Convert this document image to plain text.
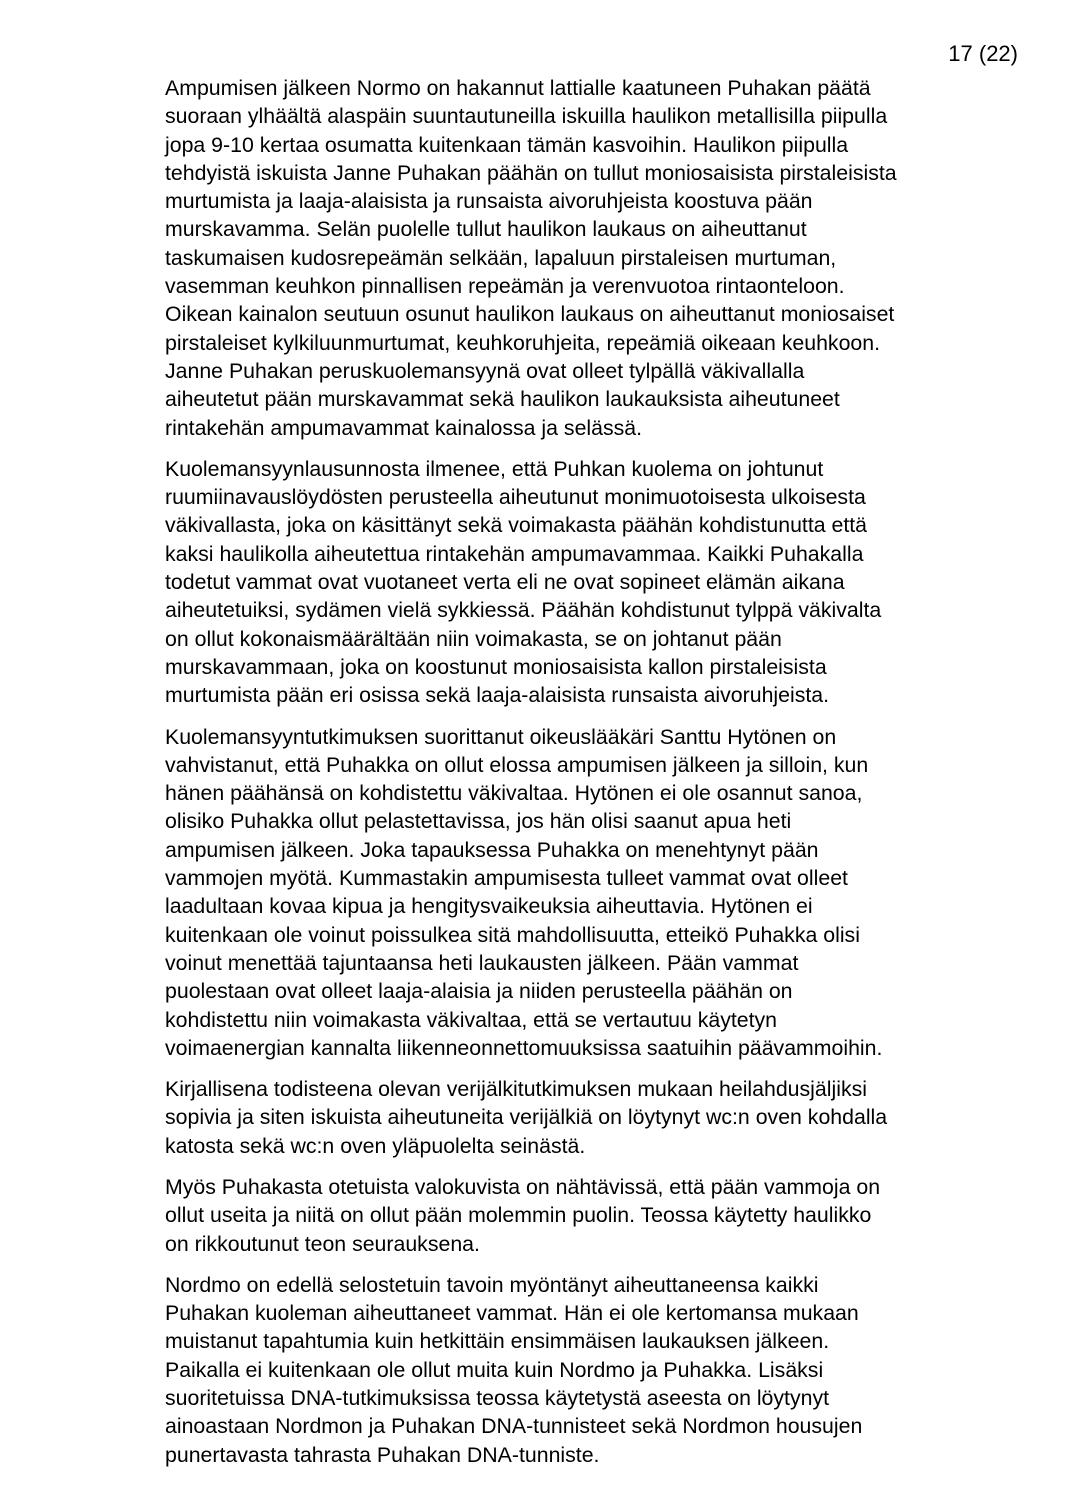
17 (22)

Ampumisen jälkeen Normo on hakannut lattialle kaatuneen Puhakan päätä
suoraan ylhäältä alaspäin suuntautuneilla iskuilla haulikon metallisilla piipulla
jopa 9-10 kertaa osumatta kuitenkaan tämän kasvoihin. Haulikon piipulla
tehdyistä iskuista Janne Puhakan päähän on tullut moniosaisista pirstaleisista
murtumista ja laaja-alaisista ja runsaista aivoruhjeista koostuva pään
murskavamma. Selän puolelle tullut haulikon laukaus on aiheuttanut
taskumaisen kudosrepeämän selkään, lapaluun pirstaleisen murtuman,
vasemman keuhkon pinnallisen repeämän ja verenvuotoa rintaonteloon.
Oikean kainalon seutuun osunut haulikon laukaus on aiheuttanut moniosaiset
pirstaleiset kylkiluunmurtumat, keuhkoruhjeita, repeämiä oikeaan keuhkoon.
Janne Puhakan peruskuolemansyynä ovat olleet tylpällä väkivallalla
aiheutetut pään murskavammat sekä haulikon laukauksista aiheutuneet
rintakehän ampumavammat kainalossa ja selässä.

Kuolemansyynlausunnosta ilmenee, että Puhkan kuolema on johtunut
ruumiinavauslöydösten perusteella aiheutunut monimuotoisesta ulkoisesta
väkivallasta, joka on käsittänyt sekä voimakasta päähän kohdistunutta että
kaksi haulikolla aiheutettua rintakehän ampumavammaa. Kaikki Puhakalla
todetut vammat ovat vuotaneet verta eli ne ovat sopineet elämän aikana
aiheutetuiksi, sydämen vielä sykkiessä. Päähän kohdistunut tylppä väkivalta
on ollut kokonaismäärältään niin voimakasta, se on johtanut pään
murskavammaan, joka on koostunut moniosaisista kallon pirstaleisista
murtumista pään eri osissa sekä laaja-alaisista runsaista aivoruhjeista.

Kuolemansyyntutkimuksen suorittanut oikeuslääkäri Santtu Hytönen on
vahvistanut, että Puhakka on ollut elossa ampumisen jälkeen ja silloin, kun
hänen päähänsä on kohdistettu väkivaltaa. Hytönen ei ole osannut sanoa,
olisiko Puhakka ollut pelastettavissa, jos hän olisi saanut apua heti
ampumisen jälkeen. Joka tapauksessa Puhakka on menehtynyt pään
vammojen myötä. Kummastakin ampumisesta tulleet vammat ovat olleet
laadultaan kovaa kipua ja hengitysvaikeuksia aiheuttavia. Hytönen ei
kuitenkaan ole voinut poissulkea sitä mahdollisuutta, etteikö Puhakka olisi
voinut menettää tajuntaansa heti laukausten jälkeen. Pään vammat
puolestaan ovat olleet laaja-alaisia ja niiden perusteella päähän on
kohdistettu niin voimakasta väkivaltaa, että se vertautuu käytetyn
voimaenergian kannalta liikenneonnettomuuksissa saatuihin päävammoihin.

Kirjallisena todisteena olevan verijälkitutkimuksen mukaan heilahdusjäljiksi
sopivia ja siten iskuista aiheutuneita verijälkiä on löytynyt wc:n oven kohdalla
katosta sekä wc:n oven yläpuolelta seinästä.

Myös Puhakasta otetuista valokuvista on nähtävissä, että pään vammoja on
ollut useita ja niitä on ollut pään molemmin puolin. Teossa käytetty haulikko
on rikkoutunut teon seurauksena.

Nordmo on edellä selostetuin tavoin myöntänyt aiheuttaneensa kaikki
Puhakan kuoleman aiheuttaneet vammat. Hän ei ole kertomansa mukaan
muistanut tapahtumia kuin hetkittäin ensimmäisen laukauksen jälkeen.
Paikalla ei kuitenkaan ole ollut muita kuin Nordmo ja Puhakka. Lisäksi
suoritetuissa DNA-tutkimuksissa teossa käytetystä aseesta on löytynyt
ainoastaan Nordmon ja Puhakan DNA-tunnisteet sekä Nordmon housujen
punertavasta tahrasta Puhakan DNA-tunniste.
